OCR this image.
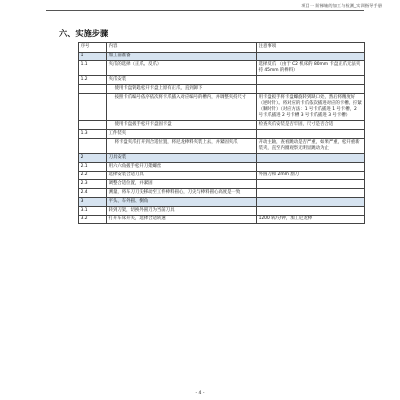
项目一 阶梯轴的加工与检测_实训指导手册
六、实施步骤
序号	内容	注意事项
1	加工前准备	
1.1	夹爪的选择（正爪、反爪）	选择反爪 （由于 C2 机床的 80mm 卡盘正爪无法夹持 45mm 的棒料）
1.2	夹爪安装	

	使用卡盘钥匙松开卡盘上原有正爪，直到卸下	

	按照卡爪编号依序依次将卡爪插入对应编号的槽内，并调整夹持尺寸	用卡盘扳手将卡盘螺旋转到缺口处，然后将精度好 （逆时针）。将对应的卡爪依次插进对应的卡槽。拧紧（顺时针）（对应方法：1 号卡爪插进 1 号卡槽，2 号卡爪插进 2 号卡槽 3 号卡爪插进 3 号卡槽）

	使用卡盘扳手松开卡盘固卡盘	检查夹爪安装是否牢固，尺寸是否合适
1.3	工件装夹	

	将卡盘夹爪打开到合适位置，将尼龙棒料夹装上去，并紧固夹爪	开动主轴，查看跳动是否严重，如果严重，松开重新装夹，直至内圈观察无明显跳动为止
2	刀具安装	
2.1	用六六角扳手松开刀架螺丝	
2.2	选择安装合适刀具	外圆刀和 2mm 割刀
2.3	调整合适位置，并紧固	
2.4	测量，将车刀刀尖移动至工件棒料圆心，刀尖与棒料圆心高度是一致	
3	平头、车外圆、倒角	
3.1	转到刀架，切换外圆刀为当前刀具	
3.2	打开车床开关，选择合适转速	1200 转/分钟，加工尼龙棒
- 4 -
